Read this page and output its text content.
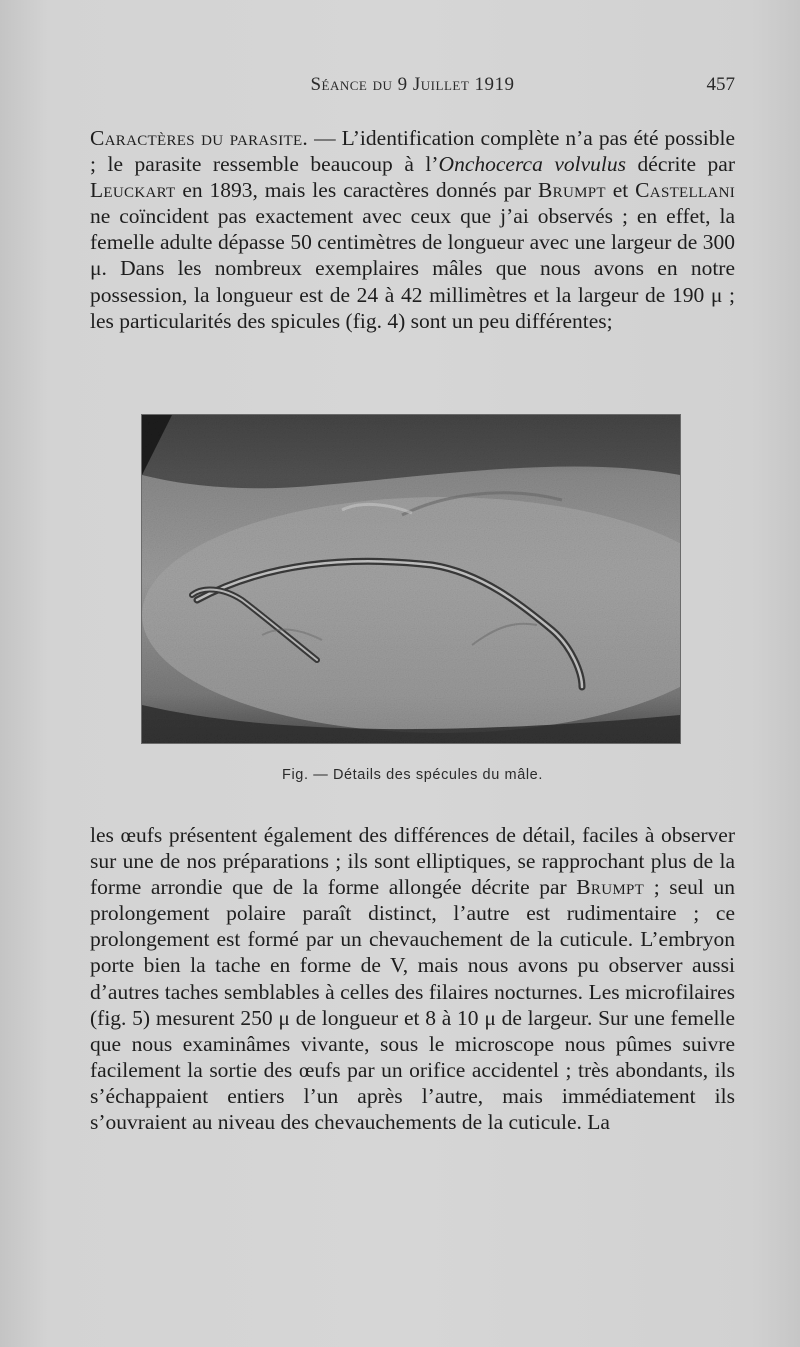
Séance du 9 Juillet 1919	457

Caractères du parasite. — L’identification complète n’a pas été possible ; le parasite ressemble beaucoup à l’Onchocerca volvulus décrite par Leuckart en 1893, mais les caractères donnés par Brumpt et Castellani ne coïncident pas exactement avec ceux que j’ai observés ; en effet, la femelle adulte dépasse 50 centimètres de longueur avec une largeur de 300 μ. Dans les nombreux exemplaires mâles que nous avons en notre possession, la longueur est de 24 à 42 millimètres et la largeur de 190 μ ; les particularités des spicules (fig. 4) sont un peu différentes;

Fig. — Détails des spécules du mâle.

les œufs présentent également des différences de détail, faciles à observer sur une de nos préparations ; ils sont elliptiques, se rapprochant plus de la forme arrondie que de la forme allongée décrite par Brumpt ; seul un prolongement polaire paraît distinct, l’autre est rudimentaire ; ce prolongement est formé par un chevauchement de la cuticule. L’embryon porte bien la tache en forme de V, mais nous avons pu observer aussi d’autres taches semblables à celles des filaires nocturnes. Les microfilaires (fig. 5) mesurent 250 μ de longueur et 8 à 10 μ de largeur. Sur une femelle que nous examinâmes vivante, sous le microscope nous pûmes suivre facilement la sortie des œufs par un orifice accidentel ; très abondants, ils s’échappaient entiers l’un après l’autre, mais immédiatement ils s’ouvraient au niveau des chevauchements de la cuticule. La
